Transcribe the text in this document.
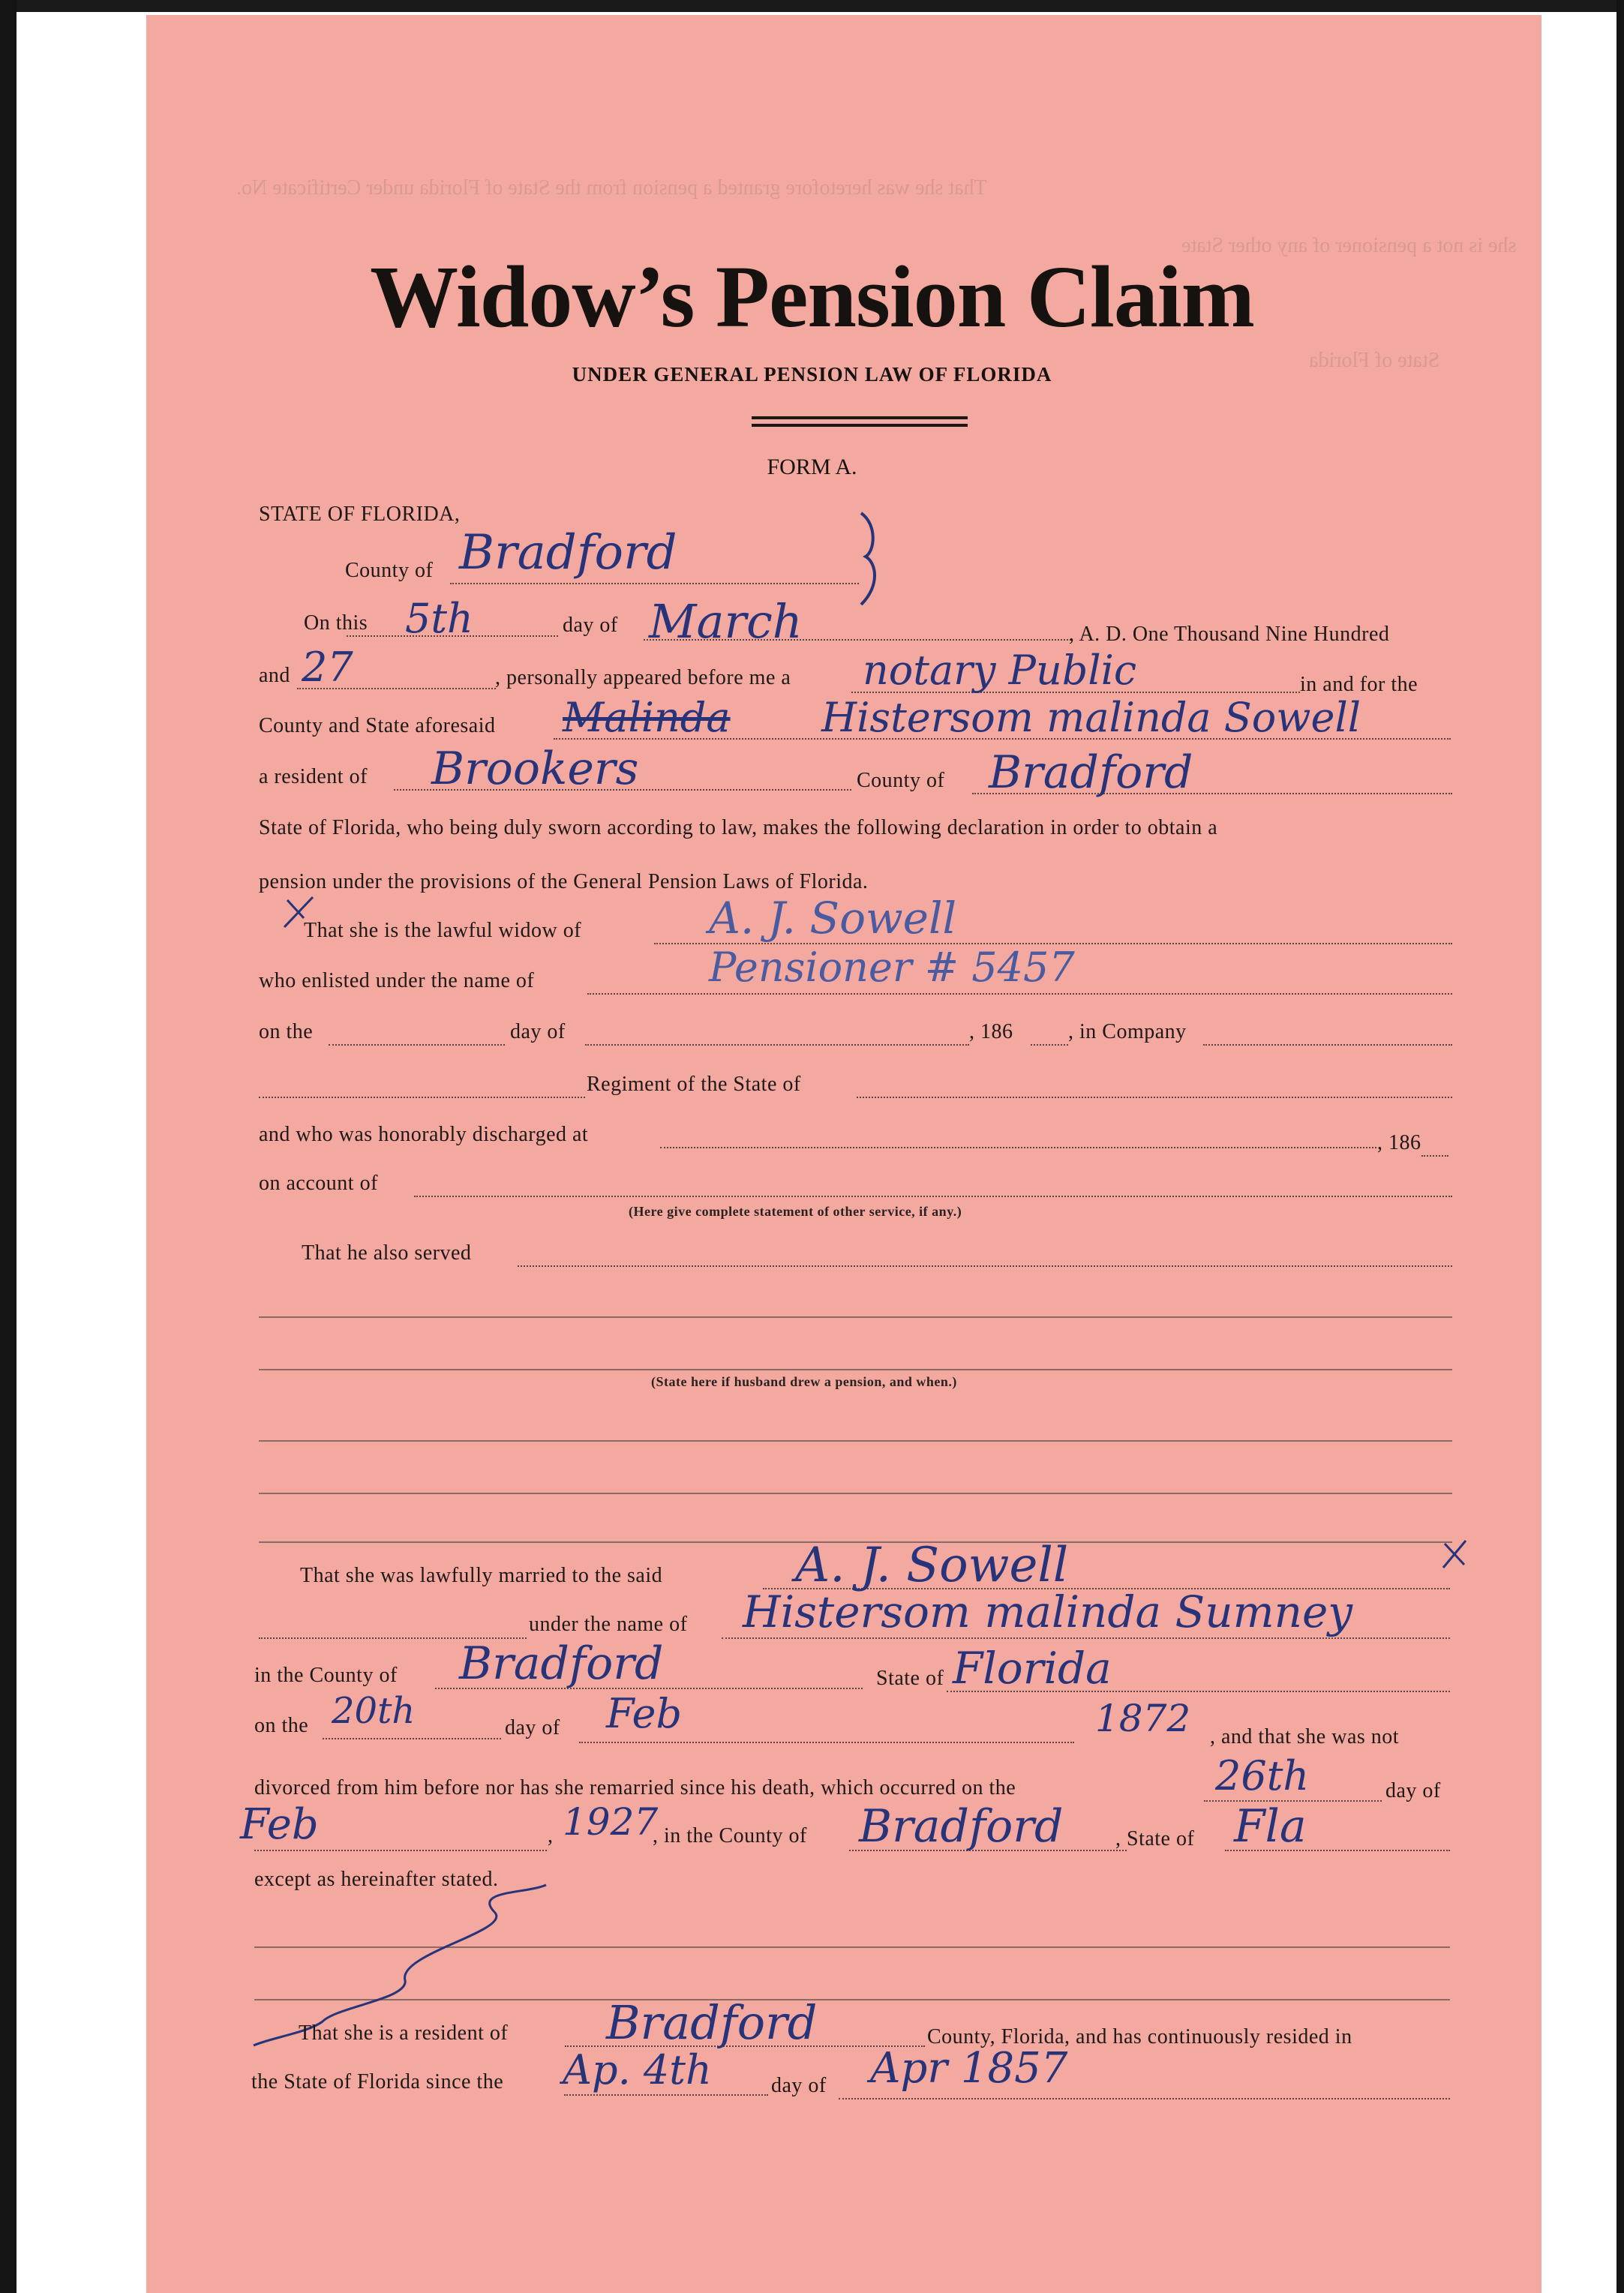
That she was heretofore granted a pension from the State of Florida under Certificate No.
she is not a pensioner of any other State
State of Florida
Widow’s Pension Claim
UNDER GENERAL PENSION LAW OF FLORIDA
FORM A.
STATE OF FLORIDA,
County of Bradford
On this 5th	day of March	, A. D. One Thousand Nine Hundred
and 27	, personally appeared before me a notary Public	in and for the
County and State aforesaid Malinda Histersom malinda Sowell
a resident of Brookers	County of Bradford
State of Florida, who being duly sworn according to law, makes the following declaration in order to obtain a
pension under the provisions of the General Pension Laws of Florida.
That she is the lawful widow of	A. J. Sowell
who enlisted under the name of	Pensioner # 5457
on the	day of	, 186	, in Company
Regiment of the State of
and who was honorably discharged at	, 186
on account of
(Here give complete statement of other service, if any.)
That he also served
(State here if husband drew a pension, and when.)
That she was lawfully married to the said	A. J. Sowell
under the name of Histersom malinda Sumney
in the County of Bradford	State of Florida
on the 20th	day of Feb	1872 , and that she was not
divorced from him before nor has she remarried since his death, which occurred on the	26th	day of
Feb	, 1927
, in the County of Bradford , State of Fla
except as hereinafter stated.
That she is a resident of Bradford	County, Florida, and has continuously resided in
the State of Florida since the Ap. 4th	day of Apr 1857
